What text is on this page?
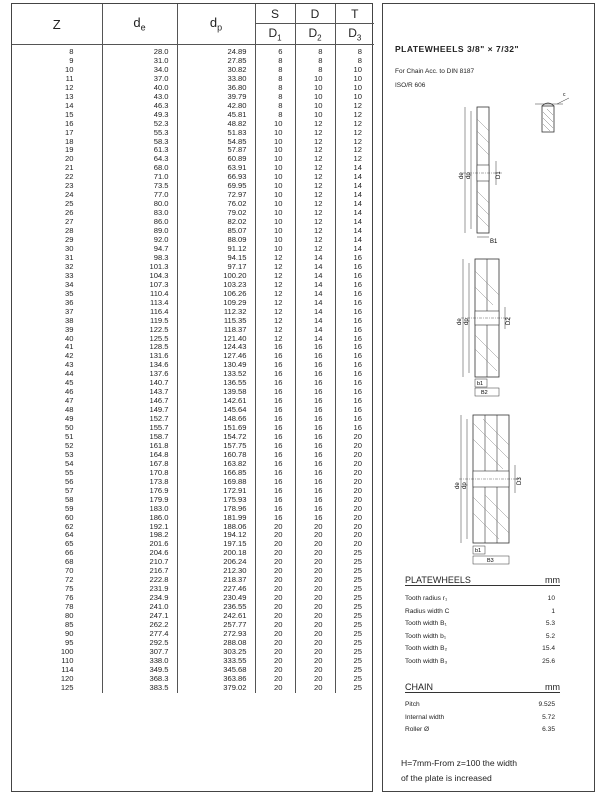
Z	$d_e$	$d_p$	S	D	T
			$D_1$	$D_2$	$D_3$
8	28.0	24.89	6	8	8
9	31.0	27.85	8	8	8
10	34.0	30.82	8	8	10
11	37.0	33.80	8	10	10
12	40.0	36.80	8	10	10
13	43.0	39.79	8	10	10
14	46.3	42.80	8	10	12
15	49.3	45.81	8	10	12
16	52.3	48.82	10	12	12
17	55.3	51.83	10	12	12
18	58.3	54.85	10	12	12
19	61.3	57.87	10	12	12
20	64.3	60.89	10	12	12
21	68.0	63.91	10	12	14
22	71.0	66.93	10	12	14
23	73.5	69.95	10	12	14
24	77.0	72.97	10	12	14
25	80.0	76.02	10	12	14
26	83.0	79.02	10	12	14
27	86.0	82.02	10	12	14
28	89.0	85.07	10	12	14
29	92.0	88.09	10	12	14
30	94.7	91.12	10	12	14
31	98.3	94.15	12	14	16
32	101.3	97.17	12	14	16
33	104.3	100.20	12	14	16
34	107.3	103.23	12	14	16
35	110.4	106.26	12	14	16
36	113.4	109.29	12	14	16
37	116.4	112.32	12	14	16
38	119.5	115.35	12	14	16
39	122.5	118.37	12	14	16
40	125.5	121.40	12	14	16
41	128.5	124.43	16	16	16
42	131.6	127.46	16	16	16
43	134.6	130.49	16	16	16
44	137.6	133.52	16	16	16
45	140.7	136.55	16	16	16
46	143.7	139.58	16	16	16
47	146.7	142.61	16	16	16
48	149.7	145.64	16	16	16
49	152.7	148.66	16	16	16
50	155.7	151.69	16	16	16
51	158.7	154.72	16	16	20
52	161.8	157.75	16	16	20
53	164.8	160.78	16	16	20
54	167.8	163.82	16	16	20
55	170.8	166.85	16	16	20
56	173.8	169.88	16	16	20
57	176.9	172.91	16	16	20
58	179.9	175.93	16	16	20
59	183.0	178.96	16	16	20
60	186.0	181.99	16	16	20
62	192.1	188.06	20	20	20
64	198.2	194.12	20	20	20
65	201.6	197.15	20	20	20
66	204.6	200.18	20	20	25
68	210.7	206.24	20	20	25
70	216.7	212.30	20	20	25
72	222.8	218.37	20	20	25
75	231.9	227.46	20	20	25
76	234.9	230.49	20	20	25
78	241.0	236.55	20	20	25
80	247.1	242.61	20	20	25
85	262.2	257.77	20	20	25
90	277.4	272.93	20	20	25
95	292.5	288.08	20	20	25
100	307.7	303.25	20	20	25
110	338.0	333.55	20	20	25
114	349.5	345.68	20	20	25
120	368.3	363.86	20	20	25
125	383.5	379.02	20	20	25
PLATEWHEELS 3/8" × 7/32"
For Chain Acc. to DIN 8187
ISO/R 606
c
de dp	D1
B1
de dp	D2
b1
B2
de dp
D3
b1
B3
PLATEWHEELS	mm
Tooth radius r₁	10
Radius width C	1
Tooth width B₁	5.3
Tooth width b₁	5.2
Tooth width B₂	15.4
Tooth width B₃	25.6
CHAIN	mm
Pitch	9.525
Internal width	5.72
Roller Ø	6.35
H=7mm-From z=100 the width
of the plate is increased
